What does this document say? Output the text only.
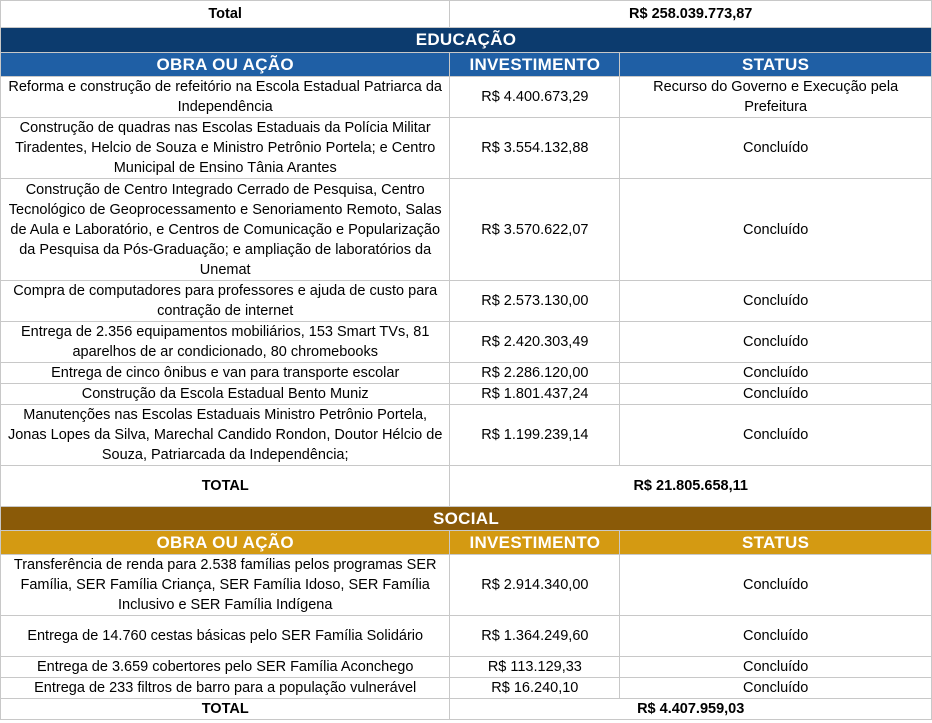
Total	R$ 258.039.773,87	
EDUCAÇÃO		
OBRA OU AÇÃO	INVESTIMENTO	STATUS
Reforma e construção de refeitório na Escola Estadual Patriarca da Independência	R$ 4.400.673,29	Recurso do Governo e Execução pela Prefeitura
Construção de quadras nas Escolas Estaduais da Polícia Militar Tiradentes, Helcio de Souza e Ministro Petrônio Portela; e Centro Municipal de Ensino Tânia Arantes	R$ 3.554.132,88	Concluído
Construção de Centro Integrado Cerrado de Pesquisa, Centro Tecnológico de Geoprocessamento e Senoriamento Remoto, Salas de Aula e Laboratório, e Centros de Comunicação e Popularização da Pesquisa da Pós-Graduação; e ampliação de laboratórios da Unemat	R$ 3.570.622,07	Concluído
Compra de computadores para professores e ajuda de custo para contração de internet	R$ 2.573.130,00	Concluído
Entrega de 2.356 equipamentos mobiliários, 153 Smart TVs, 81 aparelhos de ar condicionado, 80 chromebooks	R$ 2.420.303,49	Concluído
Entrega de cinco ônibus e van para transporte escolar	R$ 2.286.120,00	Concluído
Construção da Escola Estadual Bento Muniz	R$ 1.801.437,24	Concluído
Manutenções nas Escolas Estaduais Ministro Petrônio Portela, Jonas Lopes da Silva, Marechal Candido Rondon, Doutor Hélcio de Souza, Patriarcada da Independência;	R$ 1.199.239,14	Concluído
TOTAL	R$ 21.805.658,11	
SOCIAL		
OBRA OU AÇÃO	INVESTIMENTO	STATUS
Transferência de renda para 2.538 famílias pelos programas SER Família, SER Família Criança, SER Família Idoso, SER Família Inclusivo e SER Família Indígena	R$ 2.914.340,00	Concluído
Entrega de 14.760 cestas básicas pelo SER Família Solidário	R$ 1.364.249,60	Concluído
Entrega de 3.659 cobertores pelo SER Família Aconchego	R$ 113.129,33	Concluído
Entrega de 233 filtros de barro para a população vulnerável	R$ 16.240,10	Concluído
TOTAL	R$ 4.407.959,03	
